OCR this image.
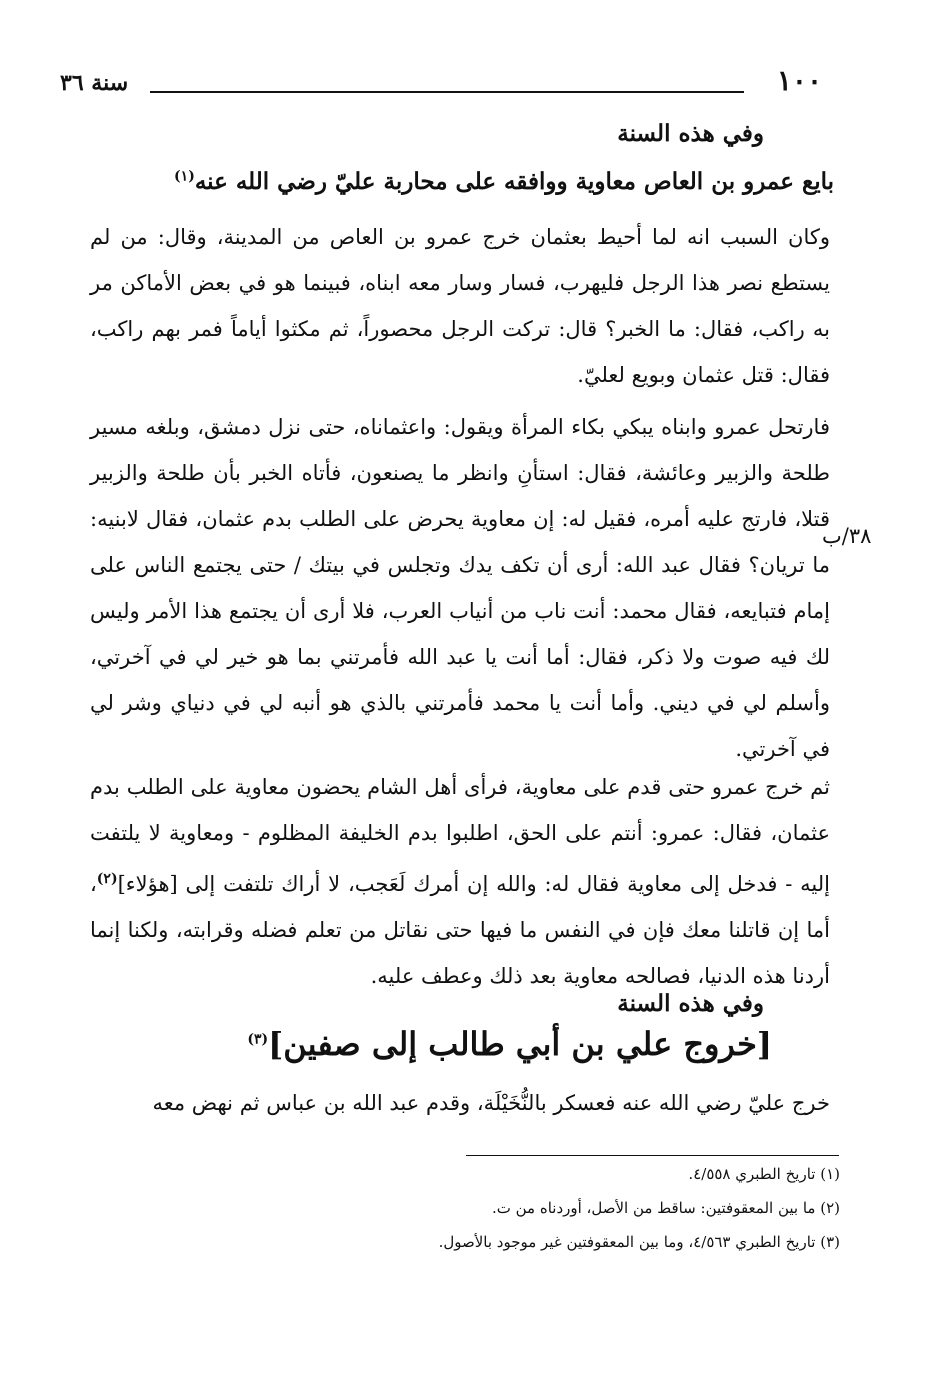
١٠٠
سنة ٣٦
وفي هذه السنة
بايع عمرو بن العاص معاوية ووافقه على محاربة عليّ رضي الله عنه$^{(١)}$
وكان السبب انه لما أحيط بعثمان خرج عمرو بن العاص من المدينة، وقال: من لم يستطع نصر هذا الرجل فليهرب، فسار وسار معه ابناه، فبينما هو في بعض الأماكن مر به راكب، فقال: ما الخبر؟ قال: تركت الرجل محصوراً، ثم مكثوا أياماً فمر بهم راكب، فقال: قتل عثمان وبويع لعليّ.
فارتحل عمرو وابناه يبكي بكاء المرأة ويقول: واعثماناه، حتى نزل دمشق، وبلغه مسير طلحة والزبير وعائشة، فقال: استأنِ وانظر ما يصنعون، فأتاه الخبر بأن طلحة والزبير قتلا، فارتج عليه أمره، فقيل له: إن معاوية يحرض على الطلب بدم عثمان، فقال لابنيه: ما تريان؟ فقال عبد الله: أرى أن تكف يدك وتجلس في بيتك / حتى يجتمع الناس على إمام فتبايعه، فقال محمد: أنت ناب من أنياب العرب، فلا أرى أن يجتمع هذا الأمر وليس لك فيه صوت ولا ذكر، فقال: أما أنت يا عبد الله فأمرتني بما هو خير لي في آخرتي، وأسلم لي في ديني. وأما أنت يا محمد فأمرتني بالذي هو أنبه لي في دنياي وشر لي في آخرتي.
ثم خرج عمرو حتى قدم على معاوية، فرأى أهل الشام يحضون معاوية على الطلب بدم عثمان، فقال: عمرو: أنتم على الحق، اطلبوا بدم الخليفة المظلوم - ومعاوية لا يلتفت إليه - فدخل إلى معاوية فقال له: والله إن أمرك لَعَجب، لا أراك تلتفت إلى [هؤلاء]$^{(٢)}$، أما إن قاتلنا معك فإن في النفس ما فيها حتى نقاتل من تعلم فضله وقرابته، ولكنا إنما أردنا هذه الدنيا، فصالحه معاوية بعد ذلك وعطف عليه.
٣٨/ب
وفي هذه السنة
[خروج علي بن أبي طالب إلى صفين]$^{(٣)}$
خرج عليّ رضي الله عنه فعسكر بالنُّخَيْلَة، وقدم عبد الله بن عباس ثم نهض معه
(١) تاريخ الطبري ٤/٥٥٨.
(٢) ما بين المعقوفتين: ساقط من الأصل، أوردناه من ت.
(٣) تاريخ الطبري ٤/٥٦٣، وما بين المعقوفتين غير موجود بالأصول.
